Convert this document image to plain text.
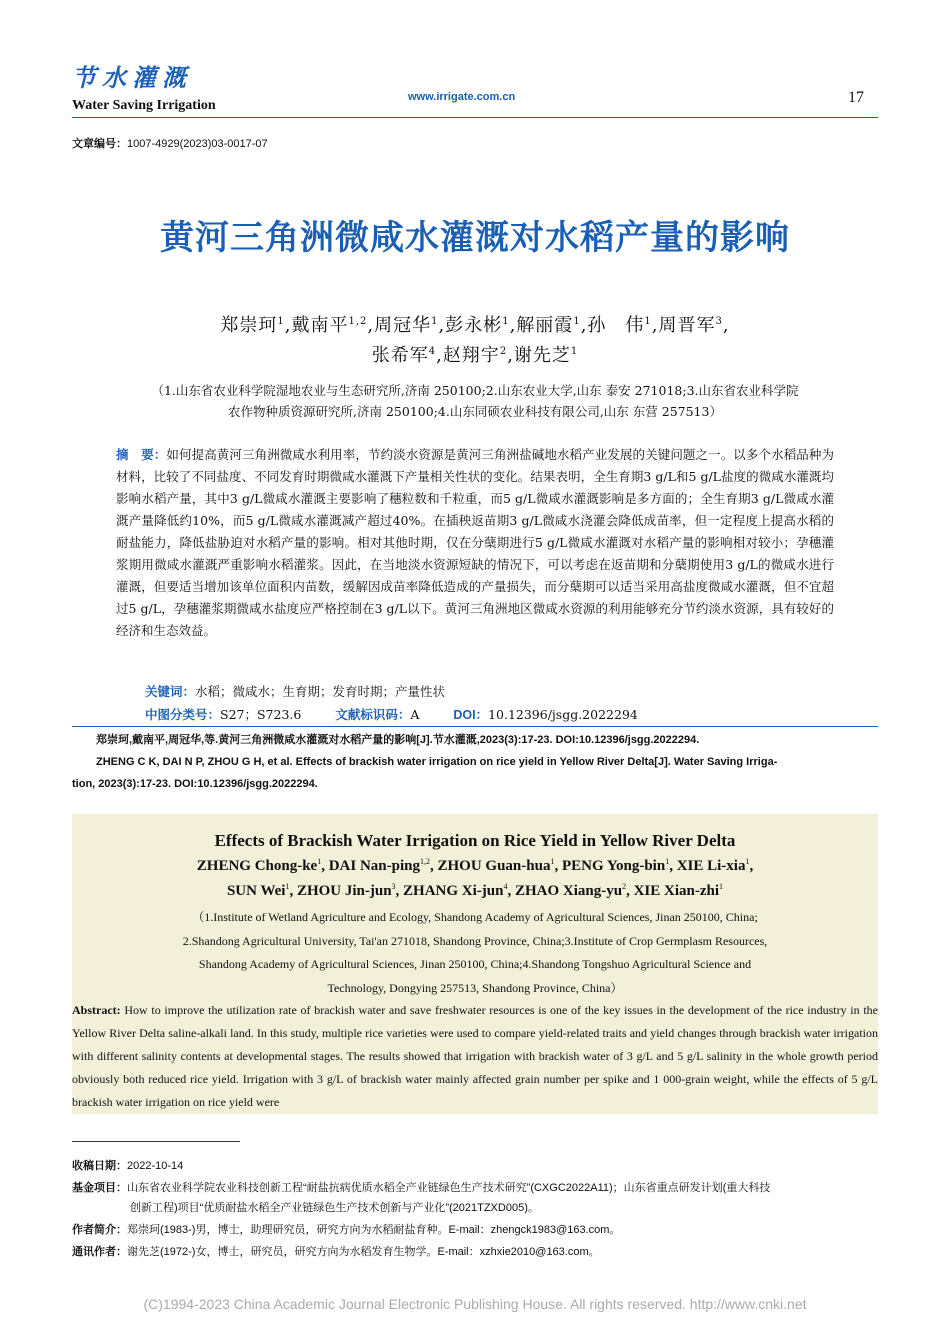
节水灌溉
Water Saving Irrigation
www.irrigate.com.cn	17
文章编号：1007-4929(2023)03-0017-07
黄河三角洲微咸水灌溉对水稻产量的影响
郑崇珂$^1$,戴南平$^{1,2}$,周冠华$^1$,彭永彬$^1$,解丽霞$^1$,孙　伟$^1$,周晋军$^3$,
张希军$^4$,赵翔宇$^2$,谢先芝$^1$
（1.山东省农业科学院湿地农业与生态研究所,济南 250100;2.山东农业大学,山东 泰安 271018;3.山东省农业科学院
农作物种质资源研究所,济南 250100;4.山东同硕农业科技有限公司,山东 东营 257513）
摘　要：如何提高黄河三角洲微咸水利用率，节约淡水资源是黄河三角洲盐碱地水稻产业发展的关键问题之一。以多个水稻品种为材料，比较了不同盐度、不同发育时期微咸水灌溉下产量相关性状的变化。结果表明，全生育期3 g/L和5 g/L盐度的微咸水灌溉均影响水稻产量，其中3 g/L微咸水灌溉主要影响了穗粒数和千粒重，而5 g/L微咸水灌溉影响是多方面的；全生育期3 g/L微咸水灌溉产量降低约10%，而5 g/L微咸水灌溉减产超过40%。在插秧返苗期3 g/L微咸水浇灌会降低成苗率，但一定程度上提高水稻的耐盐能力，降低盐胁迫对水稻产量的影响。相对其他时期，仅在分蘖期进行5 g/L微咸水灌溉对水稻产量的影响相对较小；孕穗灌浆期用微咸水灌溉严重影响水稻灌浆。因此，在当地淡水资源短缺的情况下，可以考虑在返苗期和分蘖期使用3 g/L的微咸水进行灌溉，但要适当增加该单位面积内苗数，缓解因成苗率降低造成的产量损失，而分蘖期可以适当采用高盐度微咸水灌溉，但不宜超过5 g/L，孕穗灌浆期微咸水盐度应严格控制在3 g/L以下。黄河三角洲地区微咸水资源的利用能够充分节约淡水资源，具有较好的经济和生态效益。
关键词：水稻；微咸水；生育期；发育时期；产量性状
中图分类号：S27；S723.6	文献标识码：A	DOI：10.12396/jsgg.2022294
郑崇珂,戴南平,周冠华,等.黄河三角洲微咸水灌溉对水稻产量的影响[J].节水灌溉,2023(3):17-23. DOI:10.12396/jsgg.2022294.
ZHENG C K, DAI N P, ZHOU G H, et al. Effects of brackish water irrigation on rice yield in Yellow River Delta[J]. Water Saving Irriga-
tion, 2023(3):17-23. DOI:10.12396/jsgg.2022294.
Effects of Brackish Water Irrigation on Rice Yield in Yellow River Delta
ZHENG Chong-$ke^1$, DAI Nan-ping$^{1,2}$, ZHOU Guan-hua$^1$, PENG Yong-bin$^1$, XIE Li-xia$^1$,
SUN Wei$^1$, ZHOU Jin-jun$^3$, ZHANG Xi-jun$^4$, ZHAO Xiang-$yu^2$, XIE Xian-zhi$^1$
（1.Institute of Wetland Agriculture and Ecology, Shandong Academy of Agricultural Sciences, Jinan 250100, China;
2.Shandong Agricultural University, Tai'an 271018, Shandong Province, China;3.Institute of Crop Germplasm Resources,
Shandong Academy of Agricultural Sciences, Jinan 250100, China;4.Shandong Tongshuo Agricultural Science and
Technology, Dongying 257513, Shandong Province, China）
Abstract: How to improve the utilization rate of brackish water and save freshwater resources is one of the key issues in the development of the rice industry in the Yellow River Delta saline-alkali land. In this study, multiple rice varieties were used to compare yield-related traits and yield changes through brackish water irrigation with different salinity contents at developmental stages. The results showed that irrigation with brackish water of 3 g/L and 5 g/L salinity in the whole growth period obviously both reduced rice yield. Irrigation with 3 g/L of brackish water mainly affected grain number per spike and 1 000-grain weight, while the effects of 5 g/L brackish water irrigation on rice yield were
收稿日期：2022-10-14
基金项目：山东省农业科学院农业科技创新工程“耐盐抗病优质水稻全产业链绿色生产技术研究”(CXGC2022A11)；山东省重点研发计划(重大科技
创新工程)项目“优质耐盐水稻全产业链绿色生产技术创新与产业化”(2021TZXD005)。
作者简介：郑崇珂(1983-)男，博士，助理研究员，研究方向为水稻耐盐育种。E-mail：zhengck1983@163.com。
通讯作者：谢先芝(1972-)女，博士，研究员，研究方向为水稻发育生物学。E-mail：xzhxie2010@163.com。
(C)1994-2023 China Academic Journal Electronic Publishing House. All rights reserved. http://www.cnki.net
